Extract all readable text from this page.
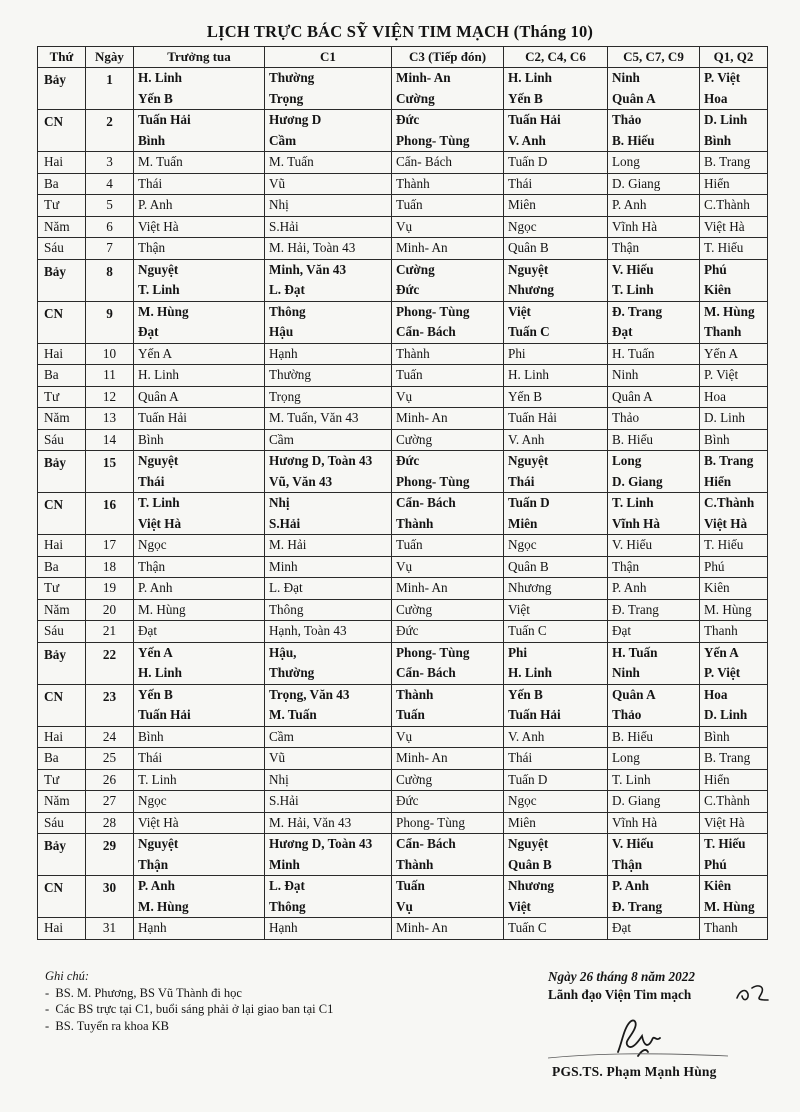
LỊCH TRỰC BÁC SỸ VIỆN TIM MẠCH (Tháng 10)
Thứ	Ngày	Trưởng tua	C1	C3 (Tiếp đón)	C2, C4, C6	C5, C7, C9	Q1, Q2
Bảy	1	H. Linh	Thường	Minh- An	H. Linh	Ninh	P. Việt
		Yến B	Trọng	Cường	Yến B	Quân A	Hoa
CN	2	Tuấn Hải	Hương D	Đức	Tuấn Hải	Thảo	D. Linh
		Bình	Cầm	Phong- Tùng	V. Anh	B. Hiếu	Bình
Hai	3	M. Tuấn	M. Tuấn	Cẩn- Bách	Tuấn D	Long	B. Trang
Ba	4	Thái	Vũ	Thành	Thái	D. Giang	Hiển
Tư	5	P. Anh	Nhị	Tuấn	Miên	P. Anh	C.Thành
Năm	6	Việt Hà	S.Hải	Vụ	Ngọc	Vĩnh Hà	Việt Hà
Sáu	7	Thận	M. Hải, Toàn 43	Minh- An	Quân B	Thận	T. Hiếu
Bảy	8	Nguyệt	Minh, Văn 43	Cường	Nguyệt	V. Hiếu	Phú
		T. Linh	L. Đạt	Đức	Nhương	T. Linh	Kiên
CN	9	M. Hùng	Thông	Phong- Tùng	Việt	Đ. Trang	M. Hùng
		Đạt	Hậu	Cẩn- Bách	Tuấn C	Đạt	Thanh
Hai	10	Yến A	Hạnh	Thành	Phi	H. Tuấn	Yến A
Ba	11	H. Linh	Thường	Tuấn	H. Linh	Ninh	P. Việt
Tư	12	Quân A	Trọng	Vụ	Yến B	Quân A	Hoa
Năm	13	Tuấn Hải	M. Tuấn, Văn 43	Minh- An	Tuấn Hải	Thảo	D. Linh
Sáu	14	Bình	Cầm	Cường	V. Anh	B. Hiếu	Bình
Bảy	15	Nguyệt	Hương D, Toàn 43	Đức	Nguyệt	Long	B. Trang
		Thái	Vũ, Văn 43	Phong- Tùng	Thái	D. Giang	Hiển
CN	16	T. Linh	Nhị	Cẩn- Bách	Tuấn D	T. Linh	C.Thành
		Việt Hà	S.Hải	Thành	Miên	Vĩnh Hà	Việt Hà
Hai	17	Ngọc	M. Hải	Tuấn	Ngọc	V. Hiếu	T. Hiếu
Ba	18	Thận	Minh	Vụ	Quân B	Thận	Phú
Tư	19	P. Anh	L. Đạt	Minh- An	Nhương	P. Anh	Kiên
Năm	20	M. Hùng	Thông	Cường	Việt	Đ. Trang	M. Hùng
Sáu	21	Đạt	Hạnh, Toàn 43	Đức	Tuấn C	Đạt	Thanh
Bảy	22	Yến A	Hậu,	Phong- Tùng	Phi	H. Tuấn	Yến A
		H. Linh	Thường	Cẩn- Bách	H. Linh	Ninh	P. Việt
CN	23	Yến B	Trọng, Văn 43	Thành	Yến B	Quân A	Hoa
		Tuấn Hải	M. Tuấn	Tuấn	Tuấn Hải	Thảo	D. Linh
Hai	24	Bình	Cầm	Vụ	V. Anh	B. Hiếu	Bình
Ba	25	Thái	Vũ	Minh- An	Thái	Long	B. Trang
Tư	26	T. Linh	Nhị	Cường	Tuấn D	T. Linh	Hiển
Năm	27	Ngọc	S.Hải	Đức	Ngọc	D. Giang	C.Thành
Sáu	28	Việt Hà	M. Hải, Văn 43	Phong- Tùng	Miên	Vĩnh Hà	Việt Hà
Bảy	29	Nguyệt	Hương D, Toàn 43	Cẩn- Bách	Nguyệt	V. Hiếu	T. Hiếu
		Thận	Minh	Thành	Quân B	Thận	Phú
CN	30	P. Anh	L. Đạt	Tuấn	Nhương	P. Anh	Kiên
		M. Hùng	Thông	Vụ	Việt	Đ. Trang	M. Hùng
Hai	31	Hạnh	Hạnh	Minh- An	Tuấn C	Đạt	Thanh
Ghi chú:
-  BS. M. Phương, BS Vũ Thành đi học
-  Các BS trực tại C1, buổi sáng phải ở lại giao ban tại C1
-  BS. Tuyển ra khoa KB
Ngày 26 tháng 8 năm 2022
Lãnh đạo Viện Tim mạch
PGS.TS. Phạm Mạnh Hùng
